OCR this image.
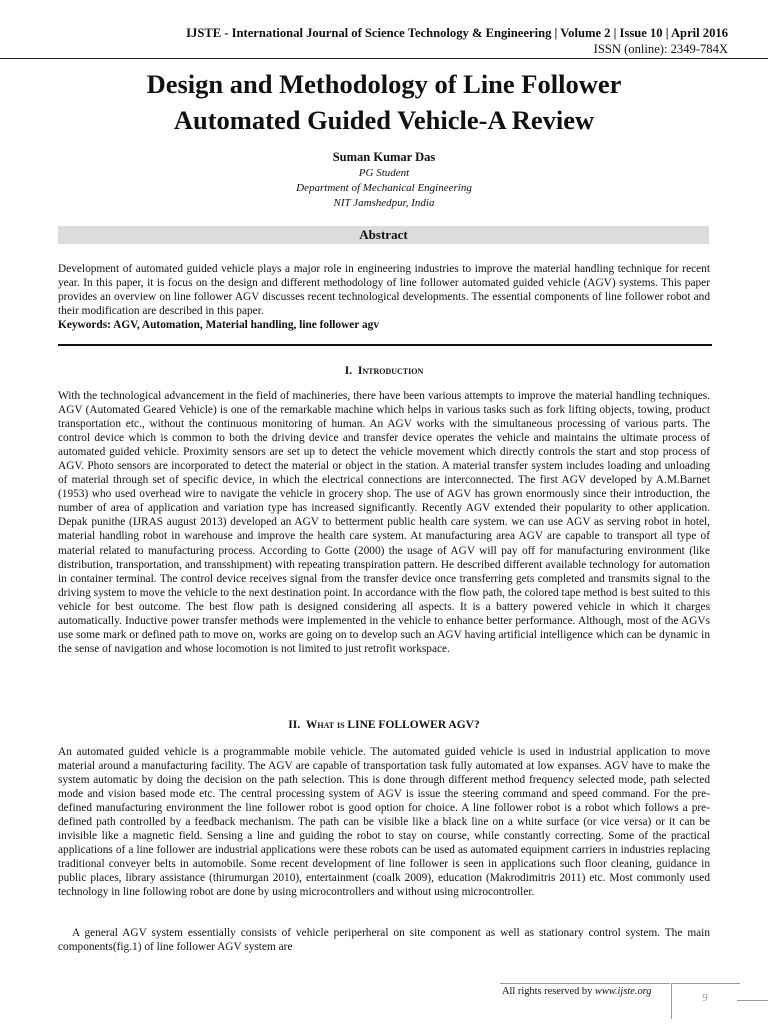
IJSTE - International Journal of Science Technology & Engineering | Volume 2 | Issue 10 | April 2016
ISSN (online): 2349-784X
Design and Methodology of Line Follower
Automated Guided Vehicle-A Review
Suman Kumar Das
PG Student
Department of Mechanical Engineering
NIT Jamshedpur, India
Abstract
Development of automated guided vehicle plays a major role in engineering industries to improve the material handling technique for recent year. In this paper, it is focus on the design and different methodology of line follower automated guided vehicle (AGV) systems. This paper provides an overview on line follower AGV discusses recent technological developments. The essential components of line follower robot and their modification are described in this paper.
Keywords: AGV, Automation, Material handling, line follower agv
I. Introduction
With the technological advancement in the field of machineries, there have been various attempts to improve the material handling techniques. AGV (Automated Geared Vehicle) is one of the remarkable machine which helps in various tasks such as fork lifting objects, towing, product transportation etc., without the continuous monitoring of human. An AGV works with the simultaneous processing of various parts. The control device which is common to both the driving device and transfer device operates the vehicle and maintains the ultimate process of automated guided vehicle. Proximity sensors are set up to detect the vehicle movement which directly controls the start and stop process of AGV. Photo sensors are incorporated to detect the material or object in the station. A material transfer system includes loading and unloading of material through set of specific device, in which the electrical connections are interconnected. The first AGV developed by A.M.Barnet (1953) who used overhead wire to navigate the vehicle in grocery shop. The use of AGV has grown enormously since their introduction, the number of area of application and variation type has increased significantly. Recently AGV extended their popularity to other application. Depak punithe (IJRAS august 2013) developed an AGV to betterment public health care system. we can use AGV as serving robot in hotel, material handling robot in warehouse and improve the health care system. At manufacturing area AGV are capable to transport all type of material related to manufacturing process. According to Gotte (2000) the usage of AGV will pay off for manufacturing environment (like distribution, transportation, and transshipment) with repeating transpiration pattern. He described different available technology for automation in container terminal. The control device receives signal from the transfer device once transferring gets completed and transmits signal to the driving system to move the vehicle to the next destination point. In accordance with the flow path, the colored tape method is best suited to this vehicle for best outcome. The best flow path is designed considering all aspects. It is a battery powered vehicle in which it charges automatically. Inductive power transfer methods were implemented in the vehicle to enhance better performance. Although, most of the AGVs use some mark or defined path to move on, works are going on to develop such an AGV having artificial intelligence which can be dynamic in the sense of navigation and whose locomotion is not limited to just retrofit workspace.
II. What is LINE FOLLOWER AGV?
An automated guided vehicle is a programmable mobile vehicle. The automated guided vehicle is used in industrial application to move material around a manufacturing facility. The AGV are capable of transportation task fully automated at low expanses. AGV have to make the system automatic by doing the decision on the path selection. This is done through different method frequency selected mode, path selected mode and vision based mode etc. The central processing system of AGV is issue the steering command and speed command. For the pre-defined manufacturing environment the line follower robot is good option for choice. A line follower robot is a robot which follows a pre-defined path controlled by a feedback mechanism. The path can be visible like a black line on a white surface (or vice versa) or it can be invisible like a magnetic field. Sensing a line and guiding the robot to stay on course, while constantly correcting. Some of the practical applications of a line follower are industrial applications were these robots can be used as automated equipment carriers in industries replacing traditional conveyer belts in automobile. Some recent development of line follower is seen in applications such floor cleaning, guidance in public places, library assistance (thirumurgan 2010), entertainment (coalk 2009), education (Makrodimitris 2011) etc. Most commonly used technology in line following robot are done by using microcontrollers and without using microcontroller.
A general AGV system essentially consists of vehicle periperheral on site component as well as stationary control system. The main components(fig.1) of line follower AGV system are
All rights reserved by www.ijste.org
9
